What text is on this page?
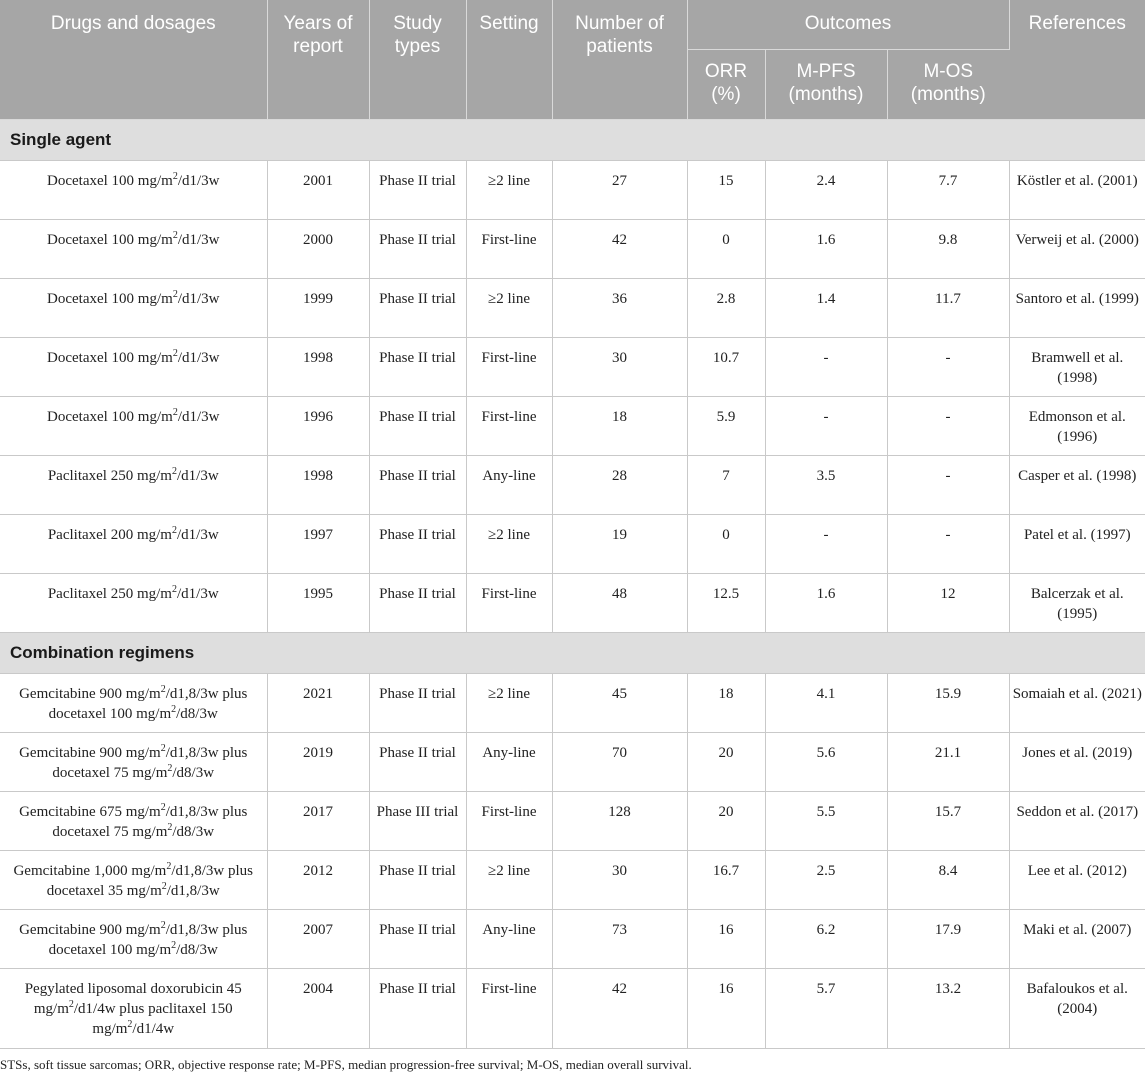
Drugs and dosages	Years of report	Study types	Setting	Number of patients	Outcomes			References
					ORR (%)	M-PFS (months)	M-OS (months)	
Single agent								
Docetaxel 100 $mg/m^2/d1/3w$	2001	Phase II trial	≥2 line	27	15	2.4	7.7	Köstler et al. (2001)
Docetaxel 100 $mg/m^2/d1/3w$	2000	Phase II trial	First-line	42	0	1.6	9.8	Verweij et al. (2000)
Docetaxel 100 $mg/m^2/d1/3w$	1999	Phase II trial	≥2 line	36	2.8	1.4	11.7	Santoro et al. (1999)
Docetaxel 100 $mg/m^2/d1/3w$	1998	Phase II trial	First-line	30	10.7	-	-	Bramwell et al. (1998)
Docetaxel 100 $mg/m^2/d1/3w$	1996	Phase II trial	First-line	18	5.9	-	-	Edmonson et al. (1996)
Paclitaxel 250 $mg/m^2/d1/3w$	1998	Phase II trial	Any-line	28	7	3.5	-	Casper et al. (1998)
Paclitaxel 200 $mg/m^2/d1/3w$	1997	Phase II trial	≥2 line	19	0	-	-	Patel et al. (1997)
Paclitaxel 250 $mg/m^2/d1/3w$	1995	Phase II trial	First-line	48	12.5	1.6	12	Balcerzak et al. (1995)
Combination regimens								
Gemcitabine 900 $mg/m^2/d1,8/3w$ plus docetaxel 100 $mg/m^2/d8/3w$	2021	Phase II trial	≥2 line	45	18	4.1	15.9	Somaiah et al. (2021)
Gemcitabine 900 $mg/m^2/d1,8/3w$ plus docetaxel 75 $mg/m^2/d8/3w$	2019	Phase II trial	Any-line	70	20	5.6	21.1	Jones et al. (2019)
Gemcitabine 675 $mg/m^2/d1,8/3w$ plus docetaxel 75 $mg/m^2/d8/3w$	2017	Phase III trial	First-line	128	20	5.5	15.7	Seddon et al. (2017)
Gemcitabine 1,000 $mg/m^2/d1,8/3w$ plus docetaxel 35 $mg/m^2/d1,8/3w$	2012	Phase II trial	≥2 line	30	16.7	2.5	8.4	Lee et al. (2012)
Gemcitabine 900 $mg/m^2/d1,8/3w$ plus docetaxel 100 $mg/m^2/d8/3w$	2007	Phase II trial	Any-line	73	16	6.2	17.9	Maki et al. (2007)
Pegylated liposomal doxorubicin 45 $mg/m^2/d1/4w$ plus paclitaxel 150 $mg/m^2/d1/4w$	2004	Phase II trial	First-line	42	16	5.7	13.2	Bafaloukos et al. (2004)
STSs, soft tissue sarcomas; ORR, objective response rate; M-PFS, median progression-free survival; M-OS, median overall survival.
